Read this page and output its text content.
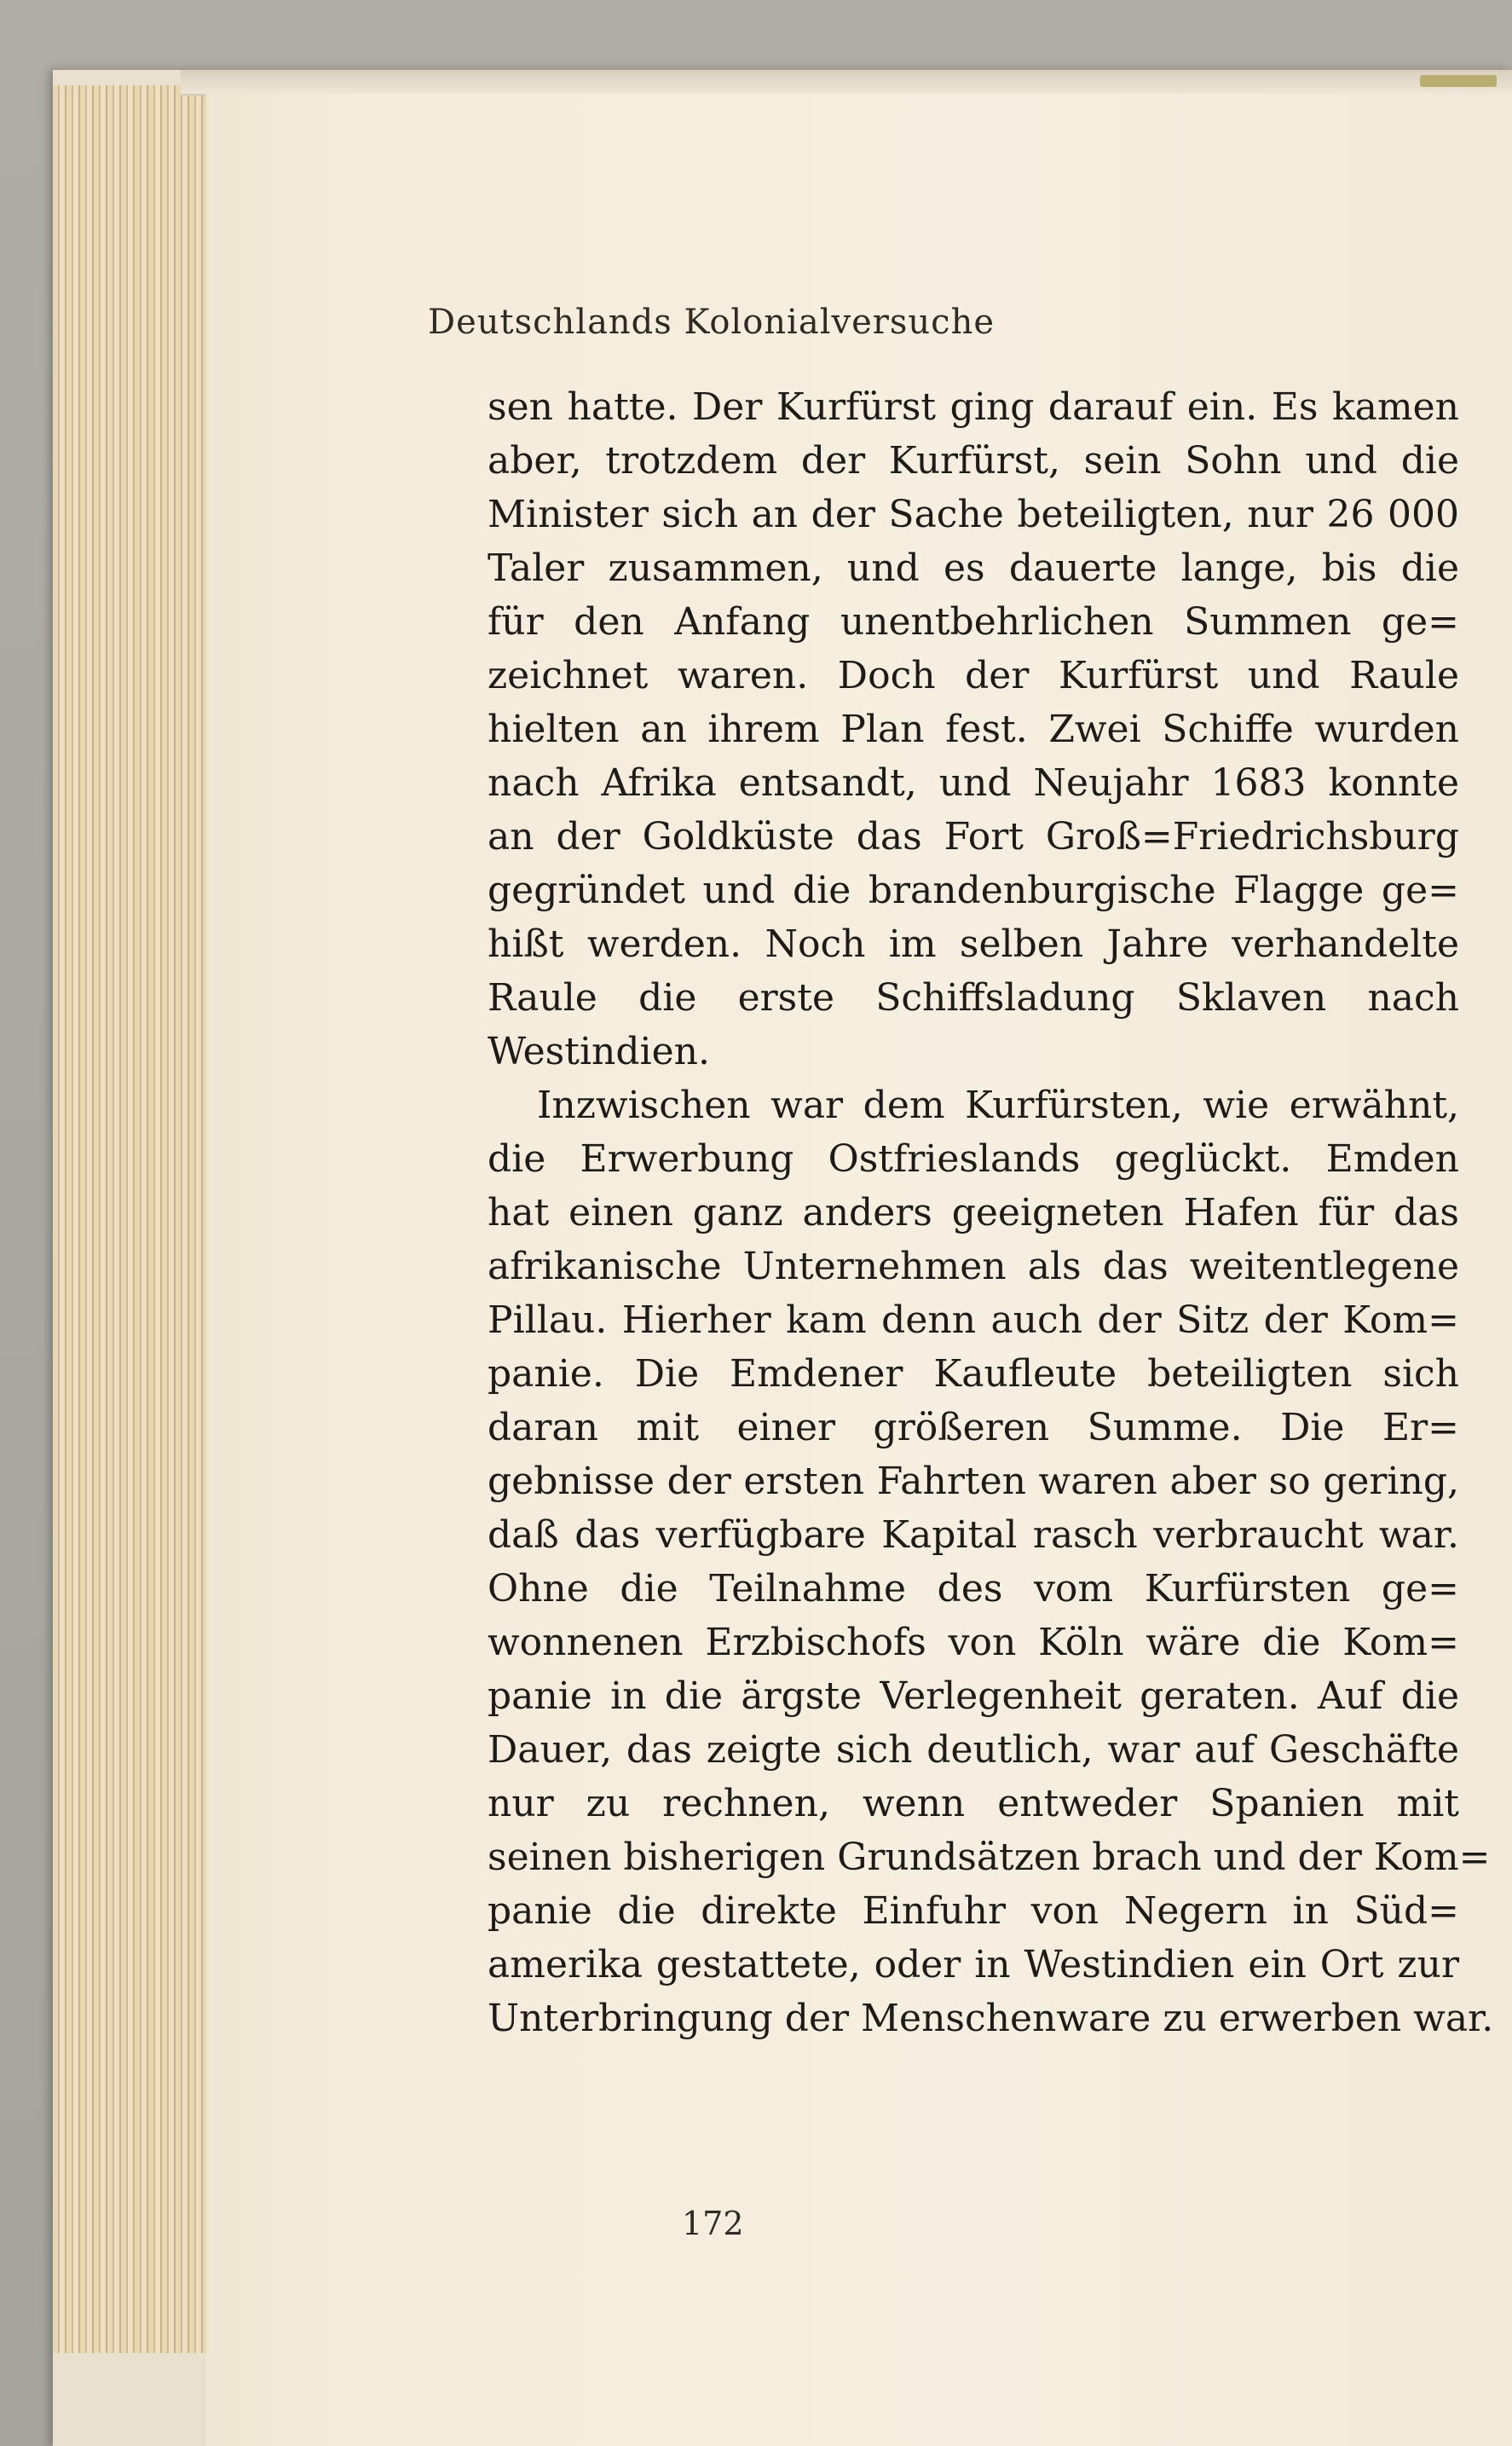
Deutschlands Kolonialversuche
172
sen hatte. Der Kurfürst ging darauf ein. Es kamen
aber, trotzdem der Kurfürst, sein Sohn und die
Minister sich an der Sache beteiligten, nur 26 000
Taler zusammen, und es dauerte lange, bis die
für den Anfang unentbehrlichen Summen ge=
zeichnet waren. Doch der Kurfürst und Raule
hielten an ihrem Plan fest. Zwei Schiffe wurden
nach Afrika entsandt, und Neujahr 1683 konnte
an der Goldküste das Fort Groß=Friedrichsburg
gegründet und die brandenburgische Flagge ge=
hißt werden. Noch im selben Jahre verhandelte
Raule die erste Schiffsladung Sklaven nach
Westindien.
Inzwischen war dem Kurfürsten, wie erwähnt,
die Erwerbung Ostfrieslands geglückt. Emden
hat einen ganz anders geeigneten Hafen für das
afrikanische Unternehmen als das weitentlegene
Pillau. Hierher kam denn auch der Sitz der Kom=
panie. Die Emdener Kaufleute beteiligten sich
daran mit einer größeren Summe. Die Er=
gebnisse der ersten Fahrten waren aber so gering,
daß das verfügbare Kapital rasch verbraucht war.
Ohne die Teilnahme des vom Kurfürsten ge=
wonnenen Erzbischofs von Köln wäre die Kom=
panie in die ärgste Verlegenheit geraten. Auf die
Dauer, das zeigte sich deutlich, war auf Geschäfte
nur zu rechnen, wenn entweder Spanien mit
seinen bisherigen Grundsätzen brach und der Kom=
panie die direkte Einfuhr von Negern in Süd=
amerika gestattete, oder in Westindien ein Ort zur
Unterbringung der Menschenware zu erwerben war.
